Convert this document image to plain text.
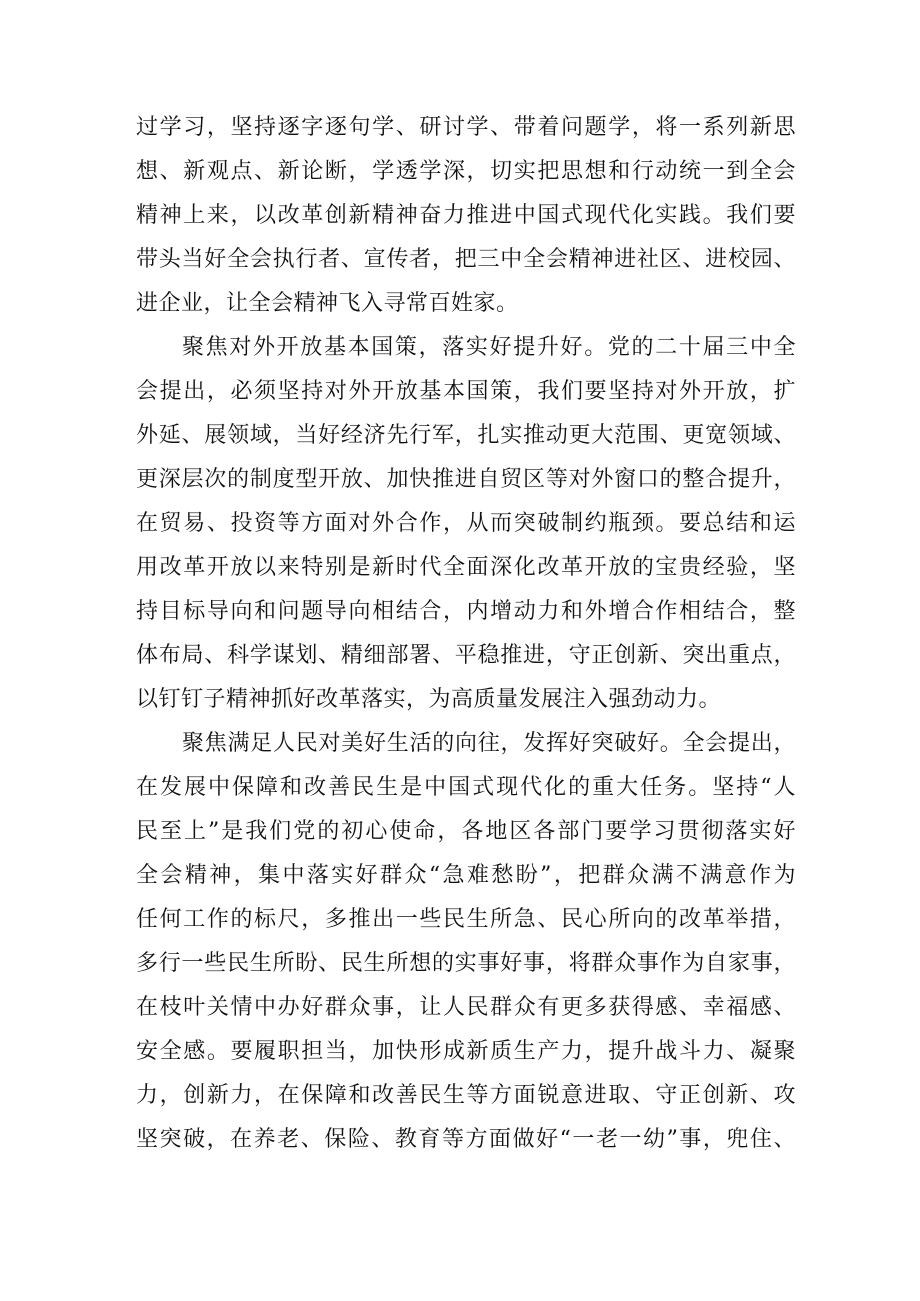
过学习，坚持逐字逐句学、研讨学、带着问题学，将一系列新思
想、新观点、新论断，学透学深，切实把思想和行动统一到全会
精神上来，以改革创新精神奋力推进中国式现代化实践。我们要
带头当好全会执行者、宣传者，把三中全会精神进社区、进校园、
进企业，让全会精神飞入寻常百姓家。
聚焦对外开放基本国策，落实好提升好。党的二十届三中全
会提出，必须坚持对外开放基本国策，我们要坚持对外开放，扩
外延、展领域，当好经济先行军，扎实推动更大范围、更宽领域、
更深层次的制度型开放、加快推进自贸区等对外窗口的整合提升，
在贸易、投资等方面对外合作，从而突破制约瓶颈。要总结和运
用改革开放以来特别是新时代全面深化改革开放的宝贵经验，坚
持目标导向和问题导向相结合，内增动力和外增合作相结合，整
体布局、科学谋划、精细部署、平稳推进，守正创新、突出重点，
以钉钉子精神抓好改革落实，为高质量发展注入强劲动力。
聚焦满足人民对美好生活的向往，发挥好突破好。全会提出，
在发展中保障和改善民生是中国式现代化的重大任务。坚持“人
民至上”是我们党的初心使命，各地区各部门要学习贯彻落实好
全会精神，集中落实好群众“急难愁盼”，把群众满不满意作为
任何工作的标尺，多推出一些民生所急、民心所向的改革举措，
多行一些民生所盼、民生所想的实事好事，将群众事作为自家事，
在枝叶关情中办好群众事，让人民群众有更多获得感、幸福感、
安全感。要履职担当，加快形成新质生产力，提升战斗力、凝聚
力，创新力，在保障和改善民生等方面锐意进取、守正创新、攻
坚突破，在养老、保险、教育等方面做好“一老一幼”事，兜住、
